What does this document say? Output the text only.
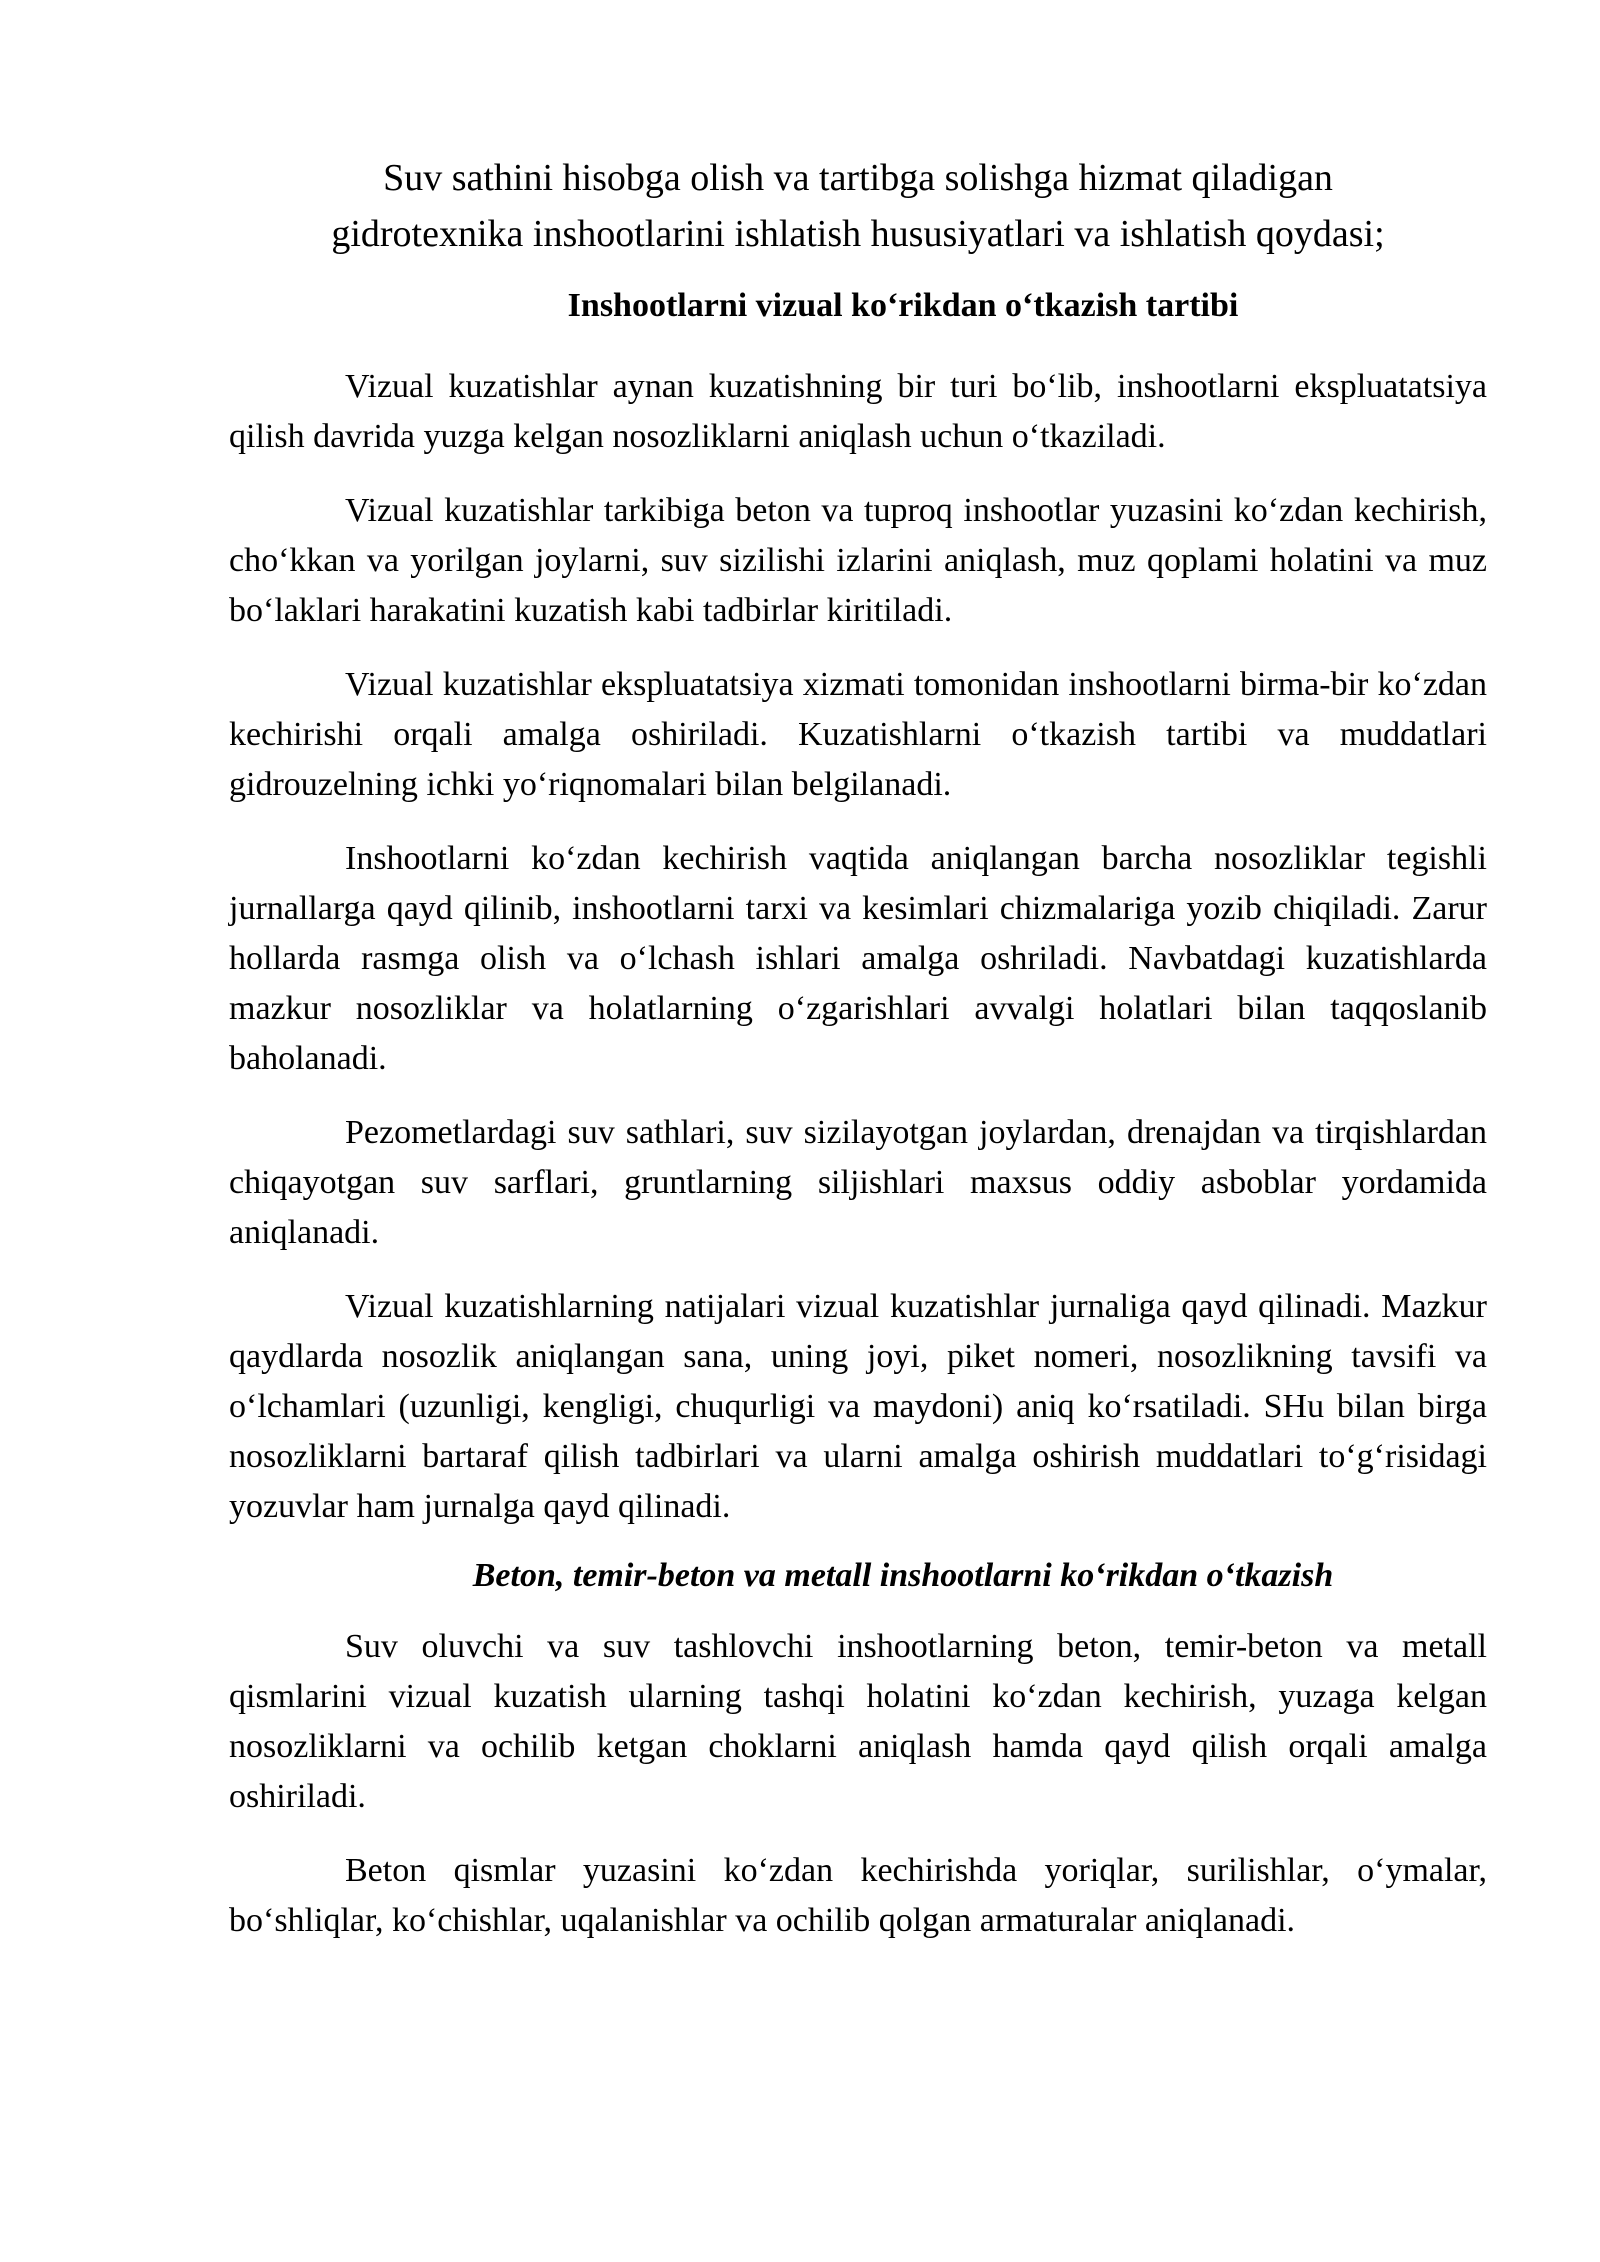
Suv sathini hisobga olish va tartibga solishga hizmat qiladigan
gidrotexnika inshootlarini ishlatish hususіyatlari va ishlatish qoydasi;
Inshootlarni vizual ko‘rikdan o‘tkazish tartibi

Vizual kuzatishlar aynan kuzatishning bir turi bo‘lib, inshootlarni ekspluatatsiya qilish davrida yuzga kelgan nosozliklarni aniqlash uchun o‘tkaziladi.

Vizual kuzatishlar tarkibiga beton va tuproq inshootlar yuzasini ko‘zdan kechirish, cho‘kkan va yorilgan joylarni, suv sizilishi izlarini aniqlash, muz qoplami holatini va muz bo‘laklari harakatini kuzatish kabi tadbirlar kiritiladi.

Vizual kuzatishlar ekspluatatsiya xizmati tomonidan inshootlarni birma-bir ko‘zdan kechirishi orqali amalga oshiriladi. Kuzatishlarni o‘tkazish tartibi va muddatlari gidrouzelning ichki yo‘riqnomalari bilan belgilanadi.

Inshootlarni ko‘zdan kechirish vaqtida aniqlangan barcha nosozliklar tegishli jurnallarga qayd qilinib, inshootlarni tarxi va kesimlari chizmalariga yozib chiqiladi. Zarur hollarda rasmga olish va o‘lchash ishlari amalga oshriladi. Navbatdagi kuzatishlarda mazkur nosozliklar va holatlarning o‘zgarishlari avvalgi holatlari bilan taqqoslanib baholanadi.

Pezometlardagi suv sathlari, suv sizilayotgan joylardan, drenajdan va tirqishlardan chiqayotgan suv sarflari, gruntlarning siljishlari maxsus oddiy asboblar yordamida aniqlanadi.

Vizual kuzatishlarning natijalari vizual kuzatishlar jurnaliga qayd qilinadi. Mazkur qaydlarda nosozlik aniqlangan sana, uning joyi, piket nomeri, nosozlikning tavsifi va o‘lchamlari (uzunligi, kengligi, chuqurligi va maydoni) aniq ko‘rsatiladi. SHu bilan birga nosozliklarni bartaraf qilish tadbirlari va ularni amalga oshirish muddatlari to‘g‘risidagi yozuvlar ham jurnalga qayd qilinadi.

Beton, temir-beton va metall inshootlarni ko‘rikdan o‘tkazish

Suv oluvchi va suv tashlovchi inshootlarning beton, temir-beton va metall qismlarini vizual kuzatish ularning tashqi holatini ko‘zdan kechirish, yuzaga kelgan nosozliklarni va ochilib ketgan choklarni aniqlash hamda qayd qilish orqali amalga oshiriladi.

Beton qismlar yuzasini ko‘zdan kechirishda yoriqlar, surilishlar, o‘ymalar, bo‘shliqlar, ko‘chishlar, uqalanishlar va ochilib qolgan armaturalar aniqlanadi.
